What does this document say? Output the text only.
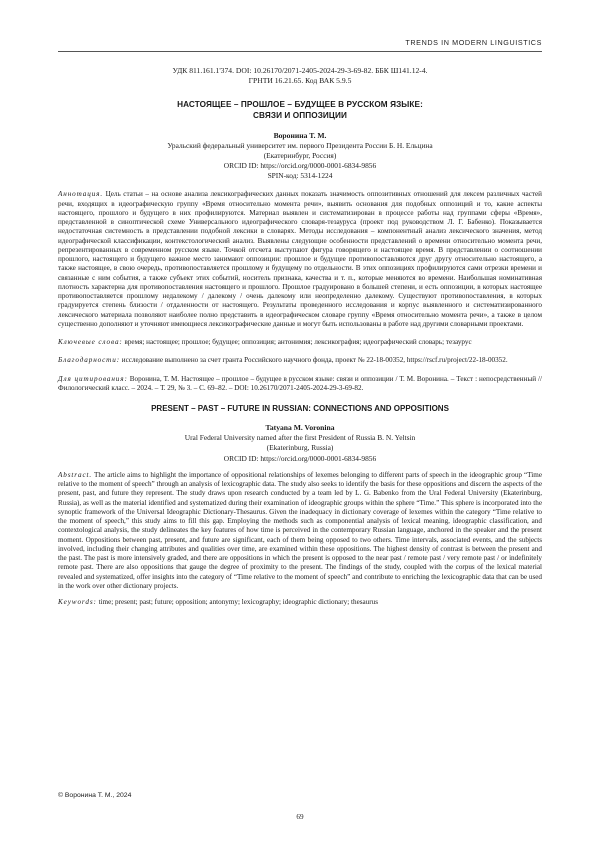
TRENDS IN MODERN LINGUISTICS
УДК 811.161.1'374. DOI: 10.26170/2071-2405-2024-29-3-69-82. ББК Ш141.12-4.
ГРНТИ 16.21.65. Код ВАК 5.9.5
НАСТОЯЩЕЕ – ПРОШЛОЕ – БУДУЩЕЕ В РУССКОМ ЯЗЫКЕ:
СВЯЗИ И ОППОЗИЦИИ
Воронина Т. М.
Уральский федеральный университет им. первого Президента России Б. Н. Ельцина
(Екатеринбург, Россия)
ORCID ID: https://orcid.org/0000-0001-6834-9856
SPIN-код: 5314-1224
Аннотация. Цель статьи – на основе анализа лексикографических данных показать значимость оппозитивных отношений для лексем различных частей речи, входящих в идеографическую группу «Время относительно момента речи», выявить основания для подобных оппозиций и то, какие аспекты настоящего, прошлого и будущего в них профилируются. Материал выявлен и систематизирован в процессе работы над группами сферы «Время», представленной в синоптической схеме Универсального идеографического словаря-тезауруса (проект под руководством Л. Г. Бабенко). Показывается недостаточная системность в представлении подобной лексики в словарях. Методы исследования – компонентный анализ лексического значения, метод идеографической классификации, контекстологический анализ. Выявлены следующие особенности представлений о времени относительно момента речи, репрезентированных в современном русском языке. Точкой отсчета выступают фигура говорящего и настоящее время. В представлении о соотношении прошлого, настоящего и будущего важное место занимают оппозиции: прошлое и будущее противопоставляются друг другу относительно настоящего, а также настоящее, в свою очередь, противопоставляется прошлому и будущему по отдельности. В этих оппозициях профилируются сами отрезки времени и связанные с ним события, а также субъект этих событий, носитель признака, качества и т. п., которые меняются во времени. Наибольшая номинативная плотность характерна для противопоставления настоящего и прошлого. Прошлое градуировано в большей степени, и есть оппозиции, в которых настоящее противопоставляется прошлому недалекому / далекому / очень далекому или неопределенно далекому. Существуют противопоставления, в которых градуируется степень близости / отдаленности от настоящего. Результаты проведенного исследования и корпус выявленного и систематизированного лексического материала позволяют наиболее полно представить в идеографическом словаре группу «Время относительно момента речи», а также в целом существенно дополняют и уточняют имеющиеся лексикографические данные и могут быть использованы в работе над другими словарными проектами.
Ключевые слова: время; настоящее; прошлое; будущее; оппозиция; антонимия; лексикография; идеографический словарь; тезаурус
Благодарности: исследование выполнено за счет гранта Российского научного фонда, проект № 22-18-00352, https://rscf.ru/project/22-18-00352.
Для цитирования: Воронина, Т. М. Настоящее – прошлое – будущее в русском языке: связи и оппозиции / Т. М. Воронина. – Текст : непосредственный // Филологический класс. – 2024. – Т. 29, № 3. – С. 69–82. – DOI: 10.26170/2071-2405-2024-29-3-69-82.
PRESENT – PAST – FUTURE IN RUSSIAN: CONNECTIONS AND OPPOSITIONS
Tatyana M. Voronina
Ural Federal University named after the first President of Russia B. N. Yeltsin
(Ekaterinburg, Russia)
ORCID ID: https://orcid.org/0000-0001-6834-9856
Abstract. The article aims to highlight the importance of oppositional relationships of lexemes belonging to different parts of speech in the ideographic group “Time relative to the moment of speech” through an analysis of lexicographic data. The study also seeks to identify the basis for these oppositions and discern the aspects of the present, past, and future they represent. The study draws upon research conducted by a team led by L. G. Babenko from the Ural Federal University (Ekaterinburg, Russia), as well as the material identified and systematized during their examination of ideographic groups within the sphere “Time.” This sphere is incorporated into the synoptic framework of the Universal Ideographic Dictionary-Thesaurus. Given the inadequacy in dictionary coverage of lexemes within the category “Time relative to the moment of speech,” this study aims to fill this gap. Employing the methods such as componential analysis of lexical meaning, ideographic classification, and contextological analysis, the study delineates the key features of how time is perceived in the contemporary Russian language, anchored in the speaker and the present moment. Oppositions between past, present, and future are significant, each of them being opposed to two others. Time intervals, associated events, and the subjects involved, including their changing attributes and qualities over time, are examined within these oppositions. The highest density of contrast is between the present and the past. The past is more intensively graded, and there are oppositions in which the present is opposed to the near past / remote past / very remote past / or indefinitely remote past. There are also oppositions that gauge the degree of proximity to the present. The findings of the study, coupled with the corpus of the lexical material revealed and systematized, offer insights into the category of “Time relative to the moment of speech” and contribute to enriching the lexicographic data that can be used in the work over other dictionary projects.
Keywords: time; present; past; future; opposition; antonymy; lexicography; ideographic dictionary; thesaurus
© Воронина Т. М., 2024
69
